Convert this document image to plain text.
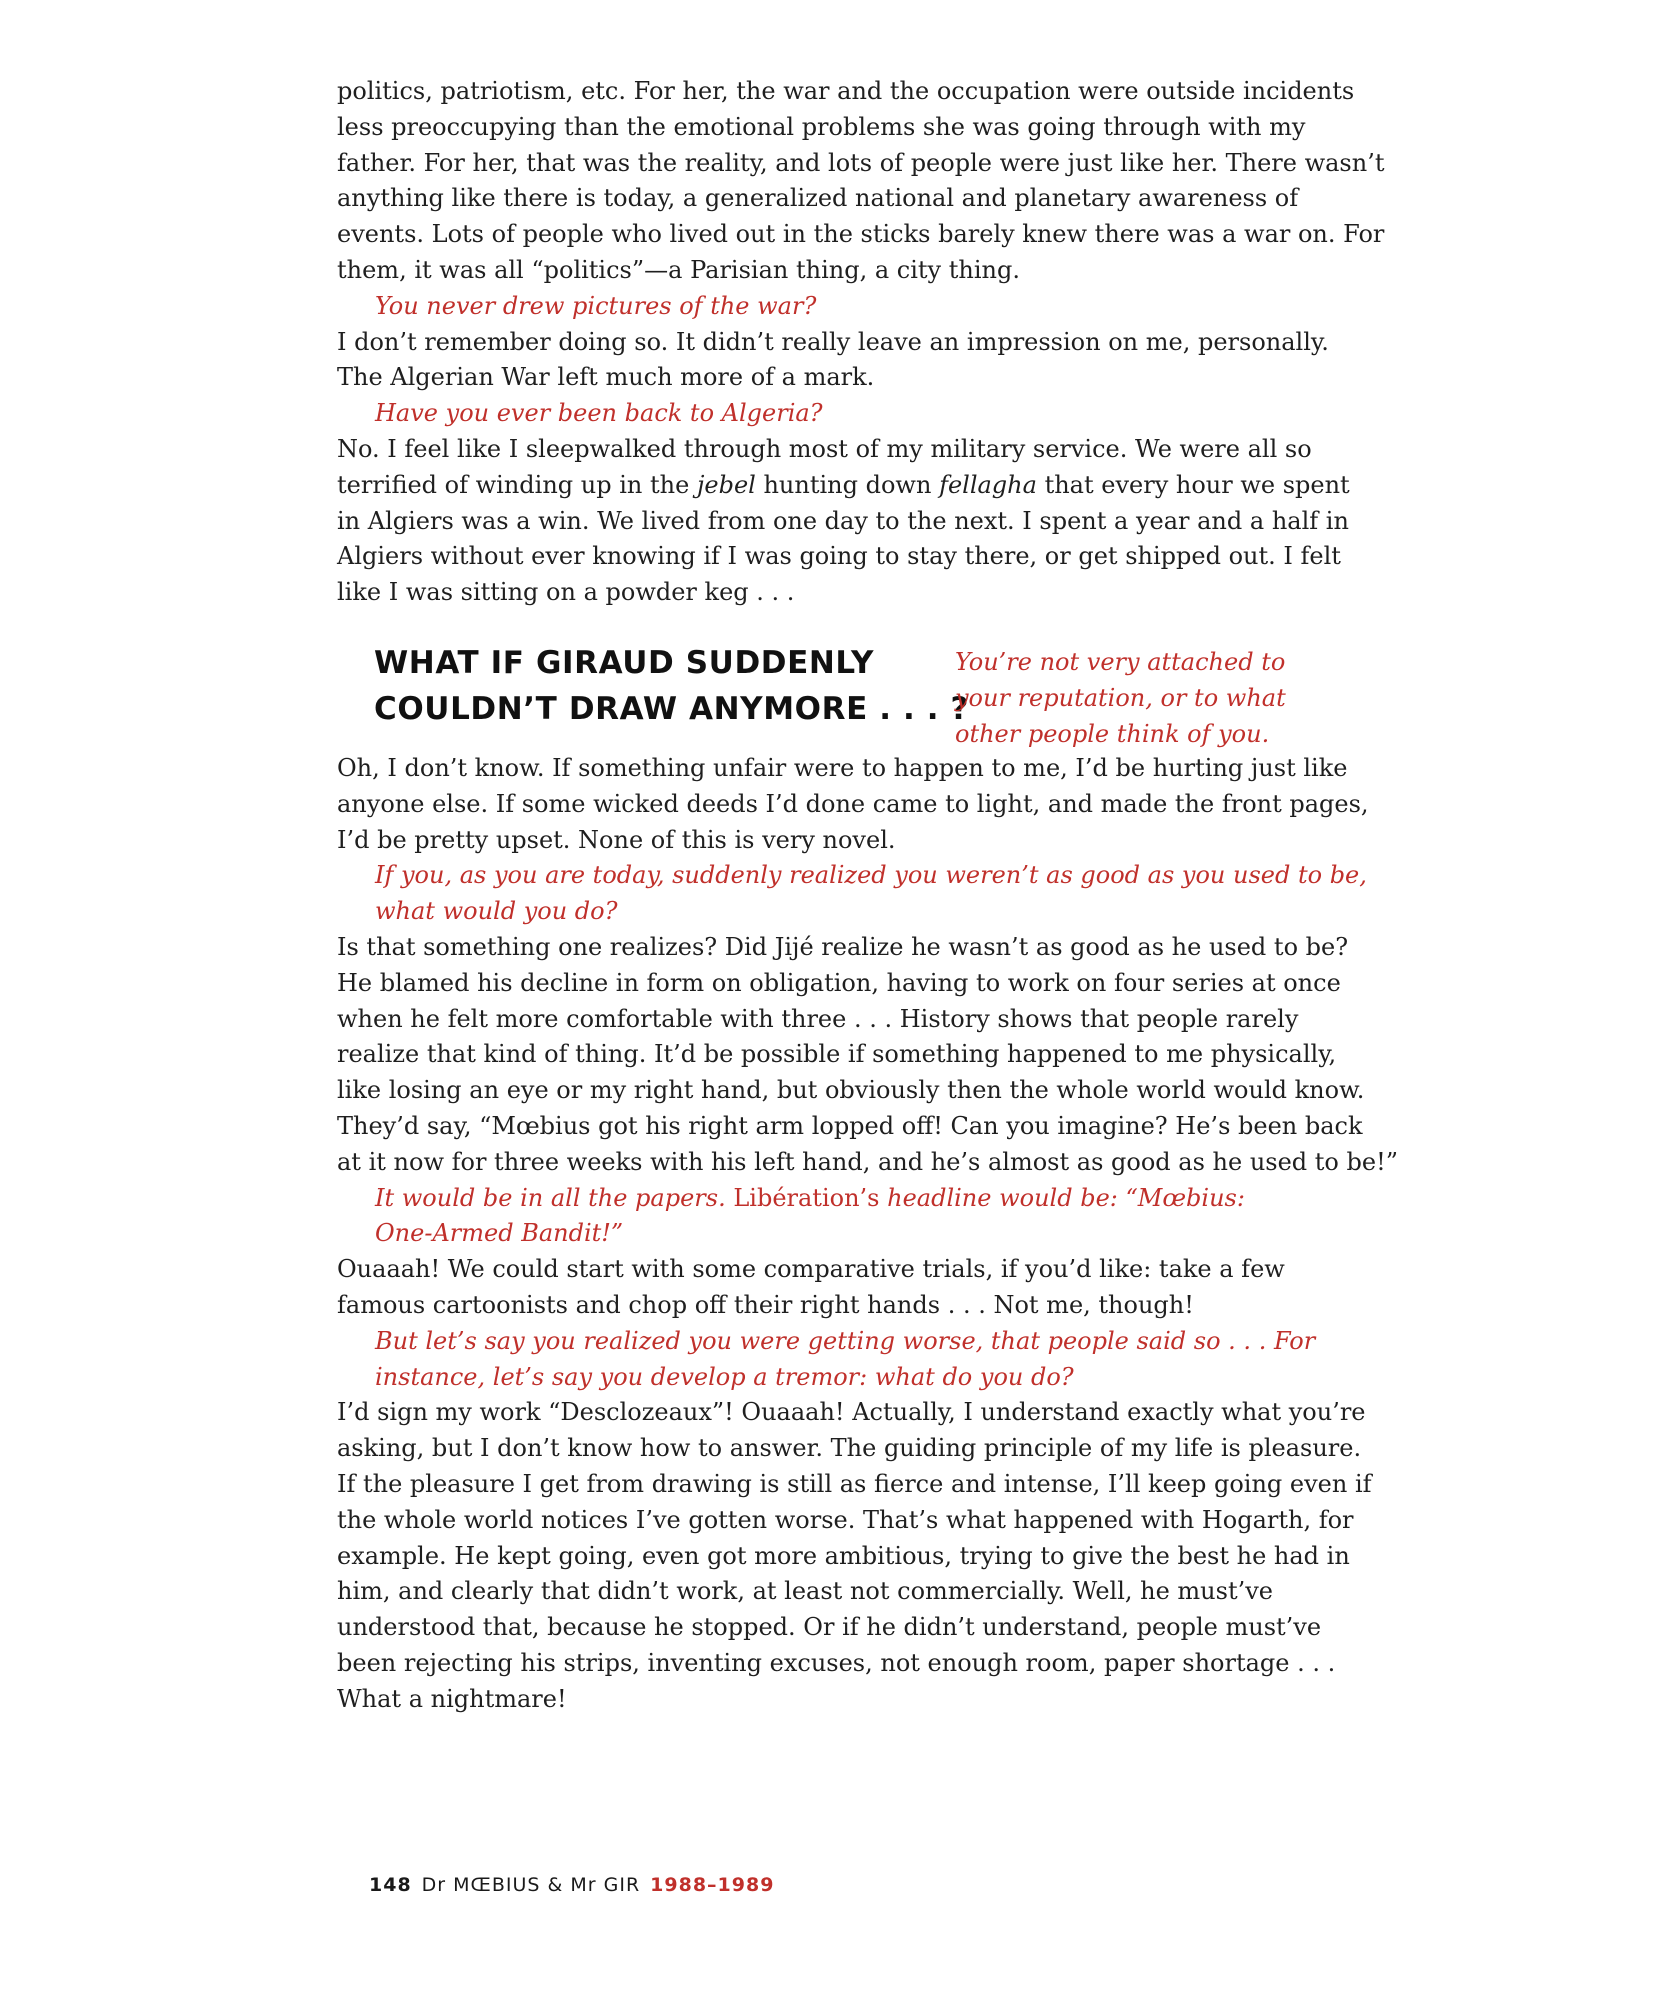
politics, patriotism, etc. For her, the war and the occupation were outside incidents
less preoccupying than the emotional problems she was going through with my
father. For her, that was the reality, and lots of people were just like her. There wasn’t
anything like there is today, a generalized national and planetary awareness of
events. Lots of people who lived out in the sticks barely knew there was a war on. For
them, it was all “politics”—a Parisian thing, a city thing.
You never drew pictures of the war?
I don’t remember doing so. It didn’t really leave an impression on me, personally.
The Algerian War left much more of a mark.
Have you ever been back to Algeria?
No. I feel like I sleepwalked through most of my military service. We were all so
terrified of winding up in the jebel hunting down fellagha that every hour we spent
in Algiers was a win. We lived from one day to the next. I spent a year and a half in
Algiers without ever knowing if I was going to stay there, or get shipped out. I felt
like I was sitting on a powder keg . . .
WHAT IF GIRAUD SUDDENLY
COULDN’T DRAW ANYMORE . . . ?
You’re not very attached to
your reputation, or to what
other people think of you.
Oh, I don’t know. If something unfair were to happen to me, I’d be hurting just like
anyone else. If some wicked deeds I’d done came to light, and made the front pages,
I’d be pretty upset. None of this is very novel.
If you, as you are today, suddenly realized you weren’t as good as you used to be,
what would you do?
Is that something one realizes? Did Jijé realize he wasn’t as good as he used to be?
He blamed his decline in form on obligation, having to work on four series at once
when he felt more comfortable with three . . . History shows that people rarely
realize that kind of thing. It’d be possible if something happened to me physically,
like losing an eye or my right hand, but obviously then the whole world would know.
They’d say, “Mœbius got his right arm lopped off! Can you imagine? He’s been back
at it now for three weeks with his left hand, and he’s almost as good as he used to be!”
It would be in all the papers. Libération’s headline would be: “Mœbius:
One-Armed Bandit!”
Ouaaah! We could start with some comparative trials, if you’d like: take a few
famous cartoonists and chop off their right hands . . . Not me, though!
But let’s say you realized you were getting worse, that people said so . . . For
instance, let’s say you develop a tremor: what do you do?
I’d sign my work “Desclozeaux”! Ouaaah! Actually, I understand exactly what you’re
asking, but I don’t know how to answer. The guiding principle of my life is pleasure.
If the pleasure I get from drawing is still as fierce and intense, I’ll keep going even if
the whole world notices I’ve gotten worse. That’s what happened with Hogarth, for
example. He kept going, even got more ambitious, trying to give the best he had in
him, and clearly that didn’t work, at least not commercially. Well, he must’ve
understood that, because he stopped. Or if he didn’t understand, people must’ve
been rejecting his strips, inventing excuses, not enough room, paper shortage . . .
What a nightmare!
148 Dr MŒBIUS & Mr GIR 1988–1989
